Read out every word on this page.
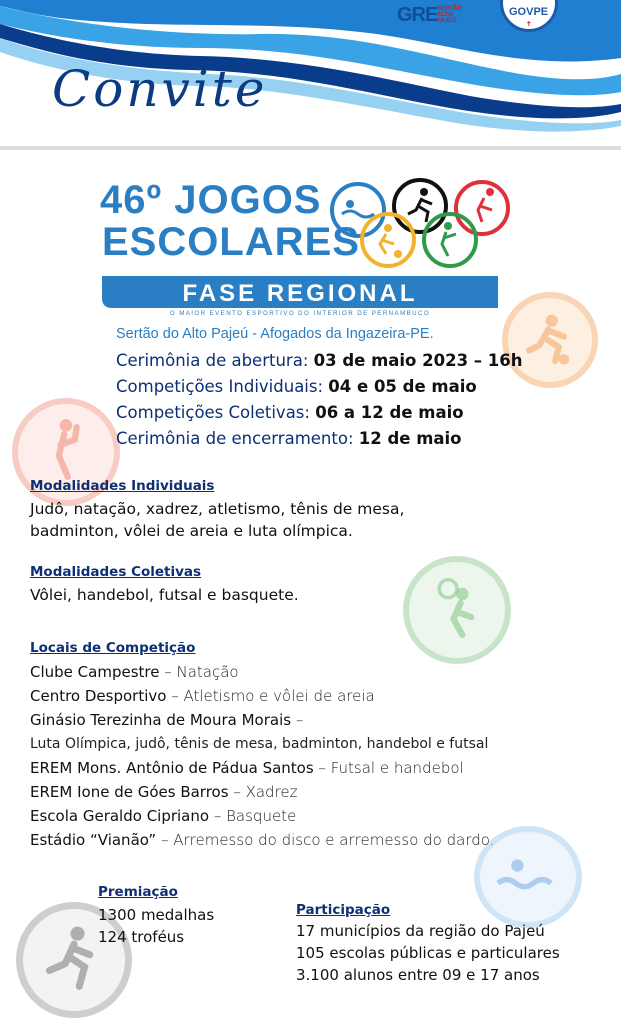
GRE SERTÃO ALTO PAJEÚ
GOVPE
✝
Convite
46º JOGOS
ESCOLARES
FASE REGIONAL
O MAIOR EVENTO ESPORTIVO DO INTERIOR DE PERNAMBUCO
Sertão do Alto Pajeú - Afogados da Ingazeira-PE.
Cerimônia de abertura: 03 de maio 2023 – 16h
Competições Individuais: 04 e 05 de maio
Competições Coletivas: 06 a 12 de maio
Cerimônia de encerramento: 12 de maio
Modalidades Individuais
Judô, natação, xadrez, atletismo, tênis de mesa,
badminton, vôlei de areia e luta olímpica.
Modalidades Coletivas
Vôlei, handebol, futsal e basquete.
Locais de Competição
Clube Campestre – Natação
Centro Desportivo – Atletismo e vôlei de areia
Ginásio Terezinha de Moura Morais –
Luta Olímpica, judô, tênis de mesa, badminton, handebol e futsal
EREM Mons. Antônio de Pádua Santos – Futsal e handebol
EREM Ione de Góes Barros – Xadrez
Escola Geraldo Cipriano – Basquete
Estádio “Vianão” – Arremesso do disco e arremesso do dardo.
Premiação
1300 medalhas
124 troféus
Participação
17 municípios da região do Pajeú
105 escolas públicas e particulares
3.100 alunos entre 09 e 17 anos
